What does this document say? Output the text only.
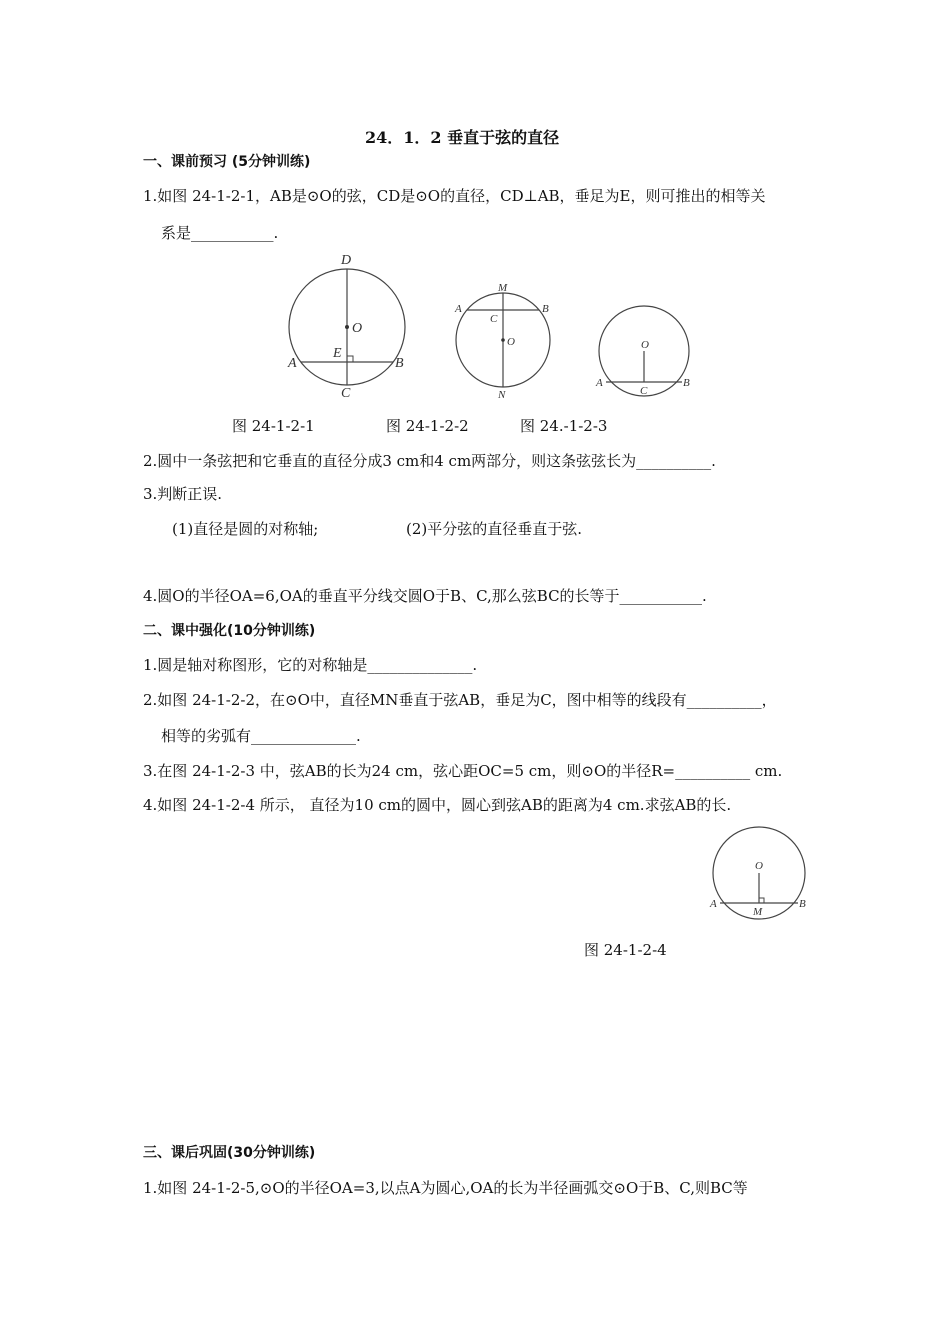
24．1．2 垂直于弦的直径
一、课前预习 (5分钟训练)
1.如图 24-1-2-1，AB是⊙O的弦，CD是⊙O的直径，CD⊥AB，垂足为E，则可推出的相等关
系是___________.
D
O
E
A	B
C
M
A	B
C
O
N
O
A
C
B
图 24-1-2-1	图 24-1-2-2	图 24.-1-2-3
2.圆中一条弦把和它垂直的直径分成3 cm和4 cm两部分，则这条弦弦长为__________.
3.判断正误.
(1)直径是圆的对称轴;	(2)平分弦的直径垂直于弦.
4.圆O的半径OA=6,OA的垂直平分线交圆O于B、C,那么弦BC的长等于___________.
二、课中强化(10分钟训练)
1.圆是轴对称图形，它的对称轴是______________.
2.如图 24-1-2-2，在⊙O中，直径MN垂直于弦AB，垂足为C，图中相等的线段有__________，
相等的劣弧有______________.
3.在图 24-1-2-3 中，弦AB的长为24 cm，弦心距OC=5 cm，则⊙O的半径R=__________ cm.
4.如图 24-1-2-4 所示， 直径为10 cm的圆中，圆心到弦AB的距离为4 cm.求弦AB的长.
O
A
M
B
图 24-1-2-4
三、课后巩固(30分钟训练)
1.如图 24-1-2-5,⊙O的半径OA=3,以点A为圆心,OA的长为半径画弧交⊙O于B、C,则BC等
